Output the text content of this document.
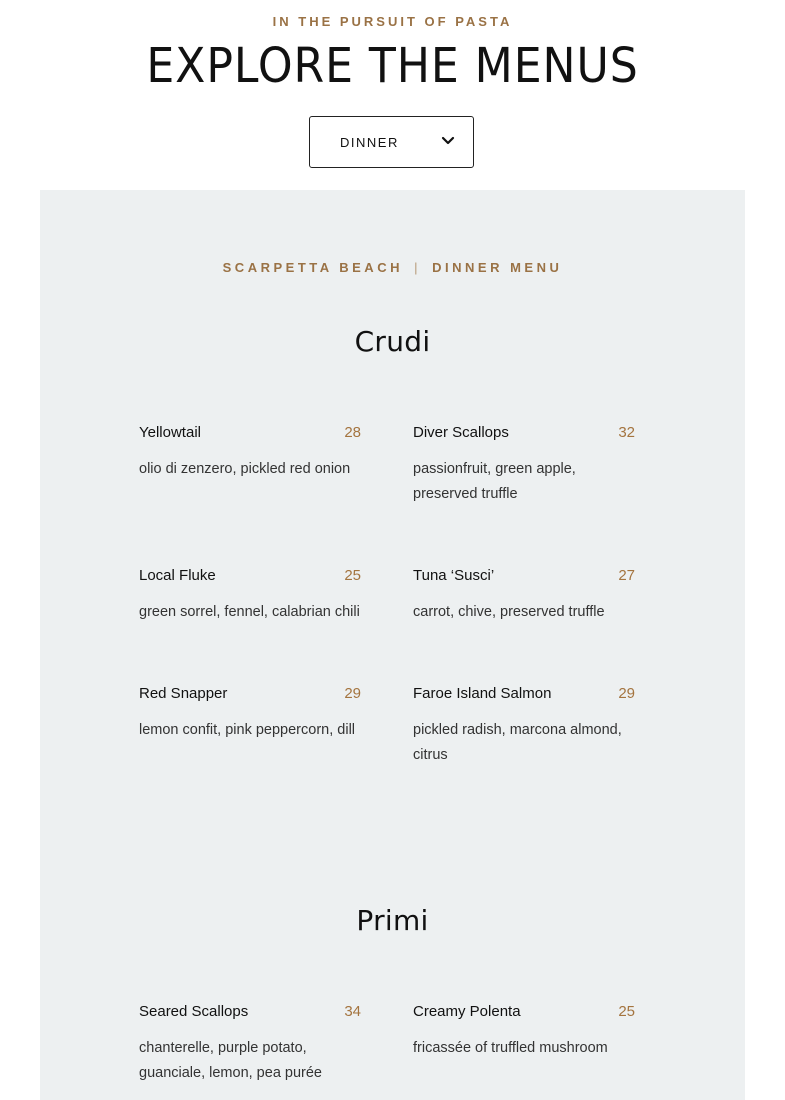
IN THE PURSUIT OF PASTA
EXPLORE THE MENUS
DINNER
SCARPETTA BEACH | DINNER MENU
Crudi
Yellowtail	28
olio di zenzero, pickled red onion
Diver Scallops	32
passionfruit, green apple, preserved truffle
Local Fluke	25
green sorrel, fennel, calabrian chili
Tuna ‘Susci’	27
carrot, chive, preserved truffle
Red Snapper	29
lemon confit, pink peppercorn, dill
Faroe Island Salmon	29
pickled radish, marcona almond, citrus
Primi
Seared Scallops	34
chanterelle, purple potato, guanciale, lemon, pea purée
Creamy Polenta	25
fricassée of truffled mushroom
